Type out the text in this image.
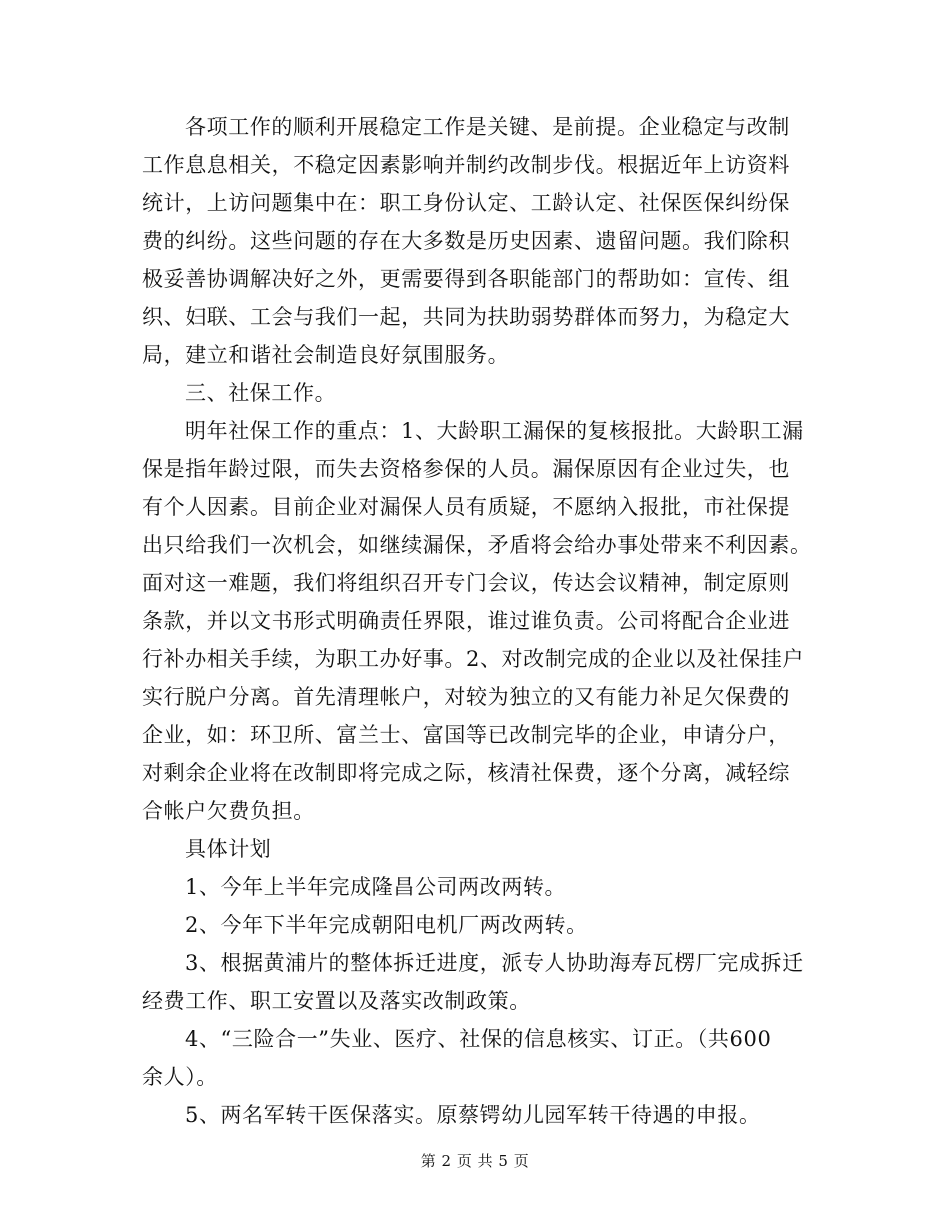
各项工作的顺利开展稳定工作是关键、是前提。企业稳定与改制
工作息息相关，不稳定因素影响并制约改制步伐。根据近年上访资料
统计，上访问题集中在：职工身份认定、工龄认定、社保医保纠纷保
费的纠纷。这些问题的存在大多数是历史因素、遗留问题。我们除积
极妥善协调解决好之外，更需要得到各职能部门的帮助如：宣传、组
织、妇联、工会与我们一起，共同为扶助弱势群体而努力，为稳定大
局，建立和谐社会制造良好氛围服务。
三、社保工作。
明年社保工作的重点：1、大龄职工漏保的复核报批。大龄职工漏
保是指年龄过限，而失去资格参保的人员。漏保原因有企业过失，也
有个人因素。目前企业对漏保人员有质疑，不愿纳入报批，市社保提
出只给我们一次机会，如继续漏保，矛盾将会给办事处带来不利因素。
面对这一难题，我们将组织召开专门会议，传达会议精神，制定原则
条款，并以文书形式明确责任界限，谁过谁负责。公司将配合企业进
行补办相关手续，为职工办好事。2、对改制完成的企业以及社保挂户
实行脱户分离。首先清理帐户，对较为独立的又有能力补足欠保费的
企业，如：环卫所、富兰士、富国等已改制完毕的企业，申请分户，
对剩余企业将在改制即将完成之际，核清社保费，逐个分离，减轻综
合帐户欠费负担。
具体计划
1、今年上半年完成隆昌公司两改两转。
2、今年下半年完成朝阳电机厂两改两转。
3、根据黄浦片的整体拆迁进度，派专人协助海寿瓦楞厂完成拆迁
经费工作、职工安置以及落实改制政策。
4、“三险合一”失业、医疗、社保的信息核实、订正。（共600
余人）。
5、两名军转干医保落实。原蔡锷幼儿园军转干待遇的申报。
第 2 页 共 5 页
